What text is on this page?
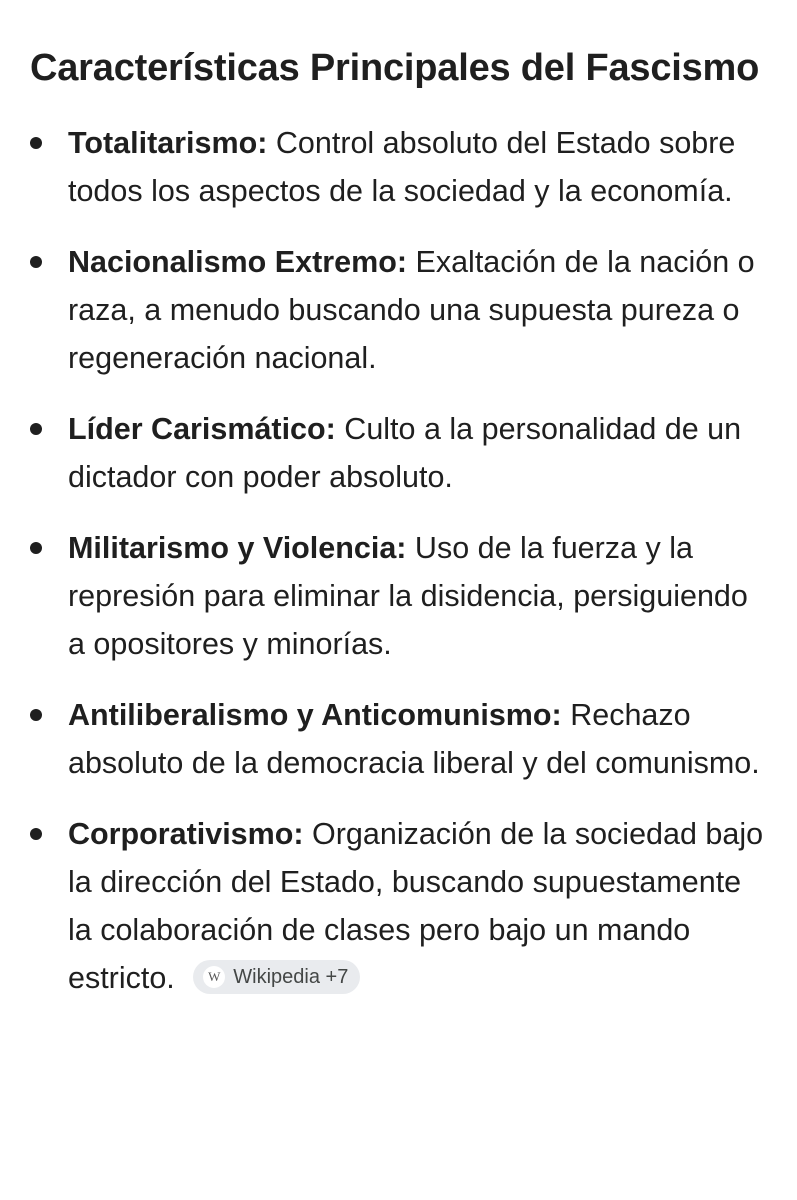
Características Principales del Fascismo
Totalitarismo: Control absoluto del Estado sobre todos los aspectos de la sociedad y la economía.
Nacionalismo Extremo: Exaltación de la nación o raza, a menudo buscando una supuesta pureza o regeneración nacional.
Líder Carismático: Culto a la personalidad de un dictador con poder absoluto.
Militarismo y Violencia: Uso de la fuerza y la represión para eliminar la disidencia, persiguiendo a opositores y minorías.
Antiliberalismo y Anticomunismo: Rechazo absoluto de la democracia liberal y del comunismo.
Corporativismo: Organización de la sociedad bajo la dirección del Estado, buscando supuestamente la colaboración de clases pero bajo un mando estricto.	W Wikipedia +7
